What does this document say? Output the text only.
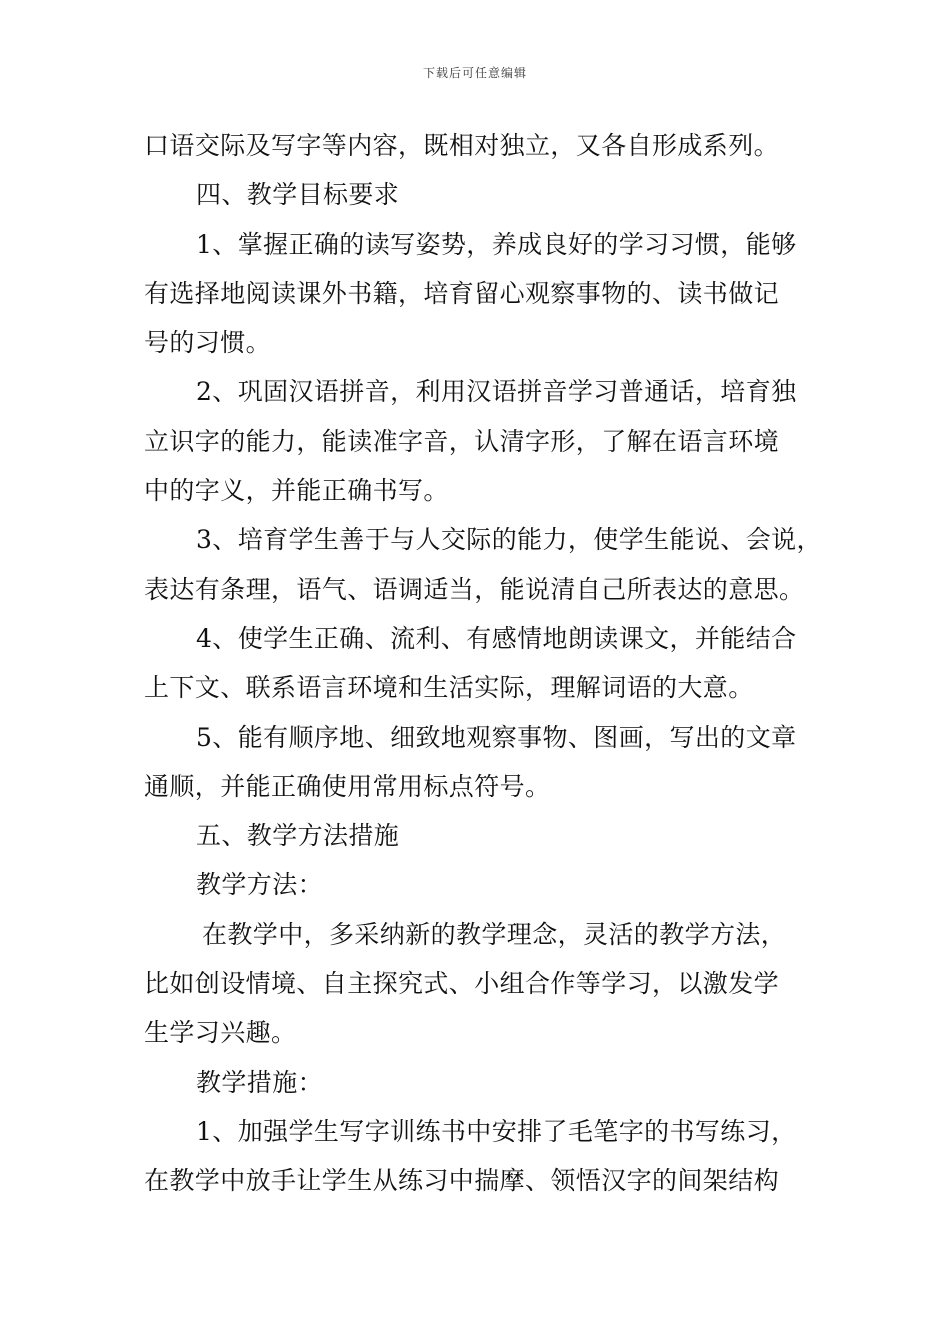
下载后可任意编辑
口语交际及写字等内容，既相对独立，又各自形成系列。
四、教学目标要求
1、掌握正确的读写姿势，养成良好的学习习惯，能够
有选择地阅读课外书籍，培育留心观察事物的、读书做记
号的习惯。
2、巩固汉语拼音，利用汉语拼音学习普通话，培育独
立识字的能力，能读准字音，认清字形，了解在语言环境
中的字义，并能正确书写。
3、培育学生善于与人交际的能力，使学生能说、会说，
表达有条理，语气、语调适当，能说清自己所表达的意思。
4、使学生正确、流利、有感情地朗读课文，并能结合
上下文、联系语言环境和生活实际，理解词语的大意。
5、能有顺序地、细致地观察事物、图画，写出的文章
通顺，并能正确使用常用标点符号。
五、教学方法措施
教学方法：
在教学中，多采纳新的教学理念，灵活的教学方法，
比如创设情境、自主探究式、小组合作等学习，以激发学
生学习兴趣。
教学措施：
1、加强学生写字训练书中安排了毛笔字的书写练习，
在教学中放手让学生从练习中揣摩、领悟汉字的间架结构
